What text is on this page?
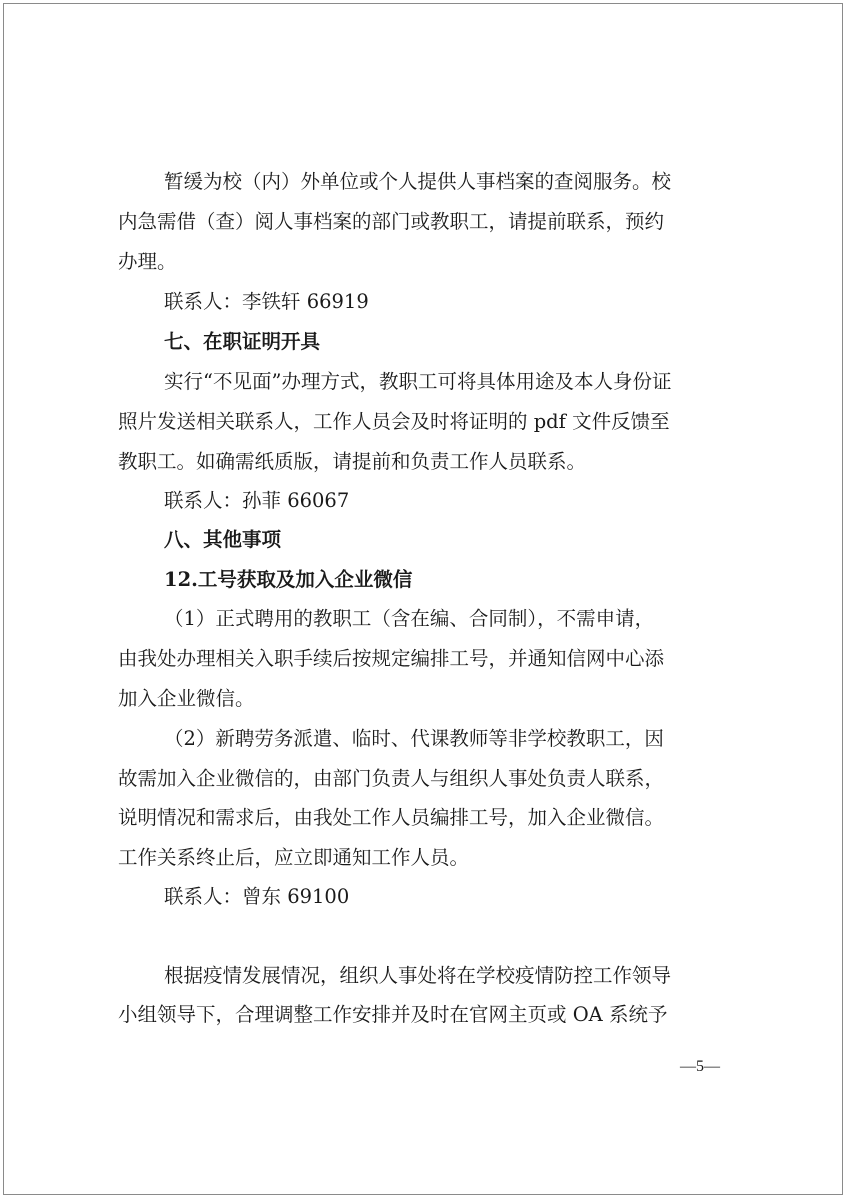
暂缓为校（内）外单位或个人提供人事档案的查阅服务。校
内急需借（查）阅人事档案的部门或教职工，请提前联系，预约
办理。
联系人：李铁轩 66919
七、在职证明开具
实行“不见面”办理方式，教职工可将具体用途及本人身份证
照片发送相关联系人，工作人员会及时将证明的 pdf 文件反馈至
教职工。如确需纸质版，请提前和负责工作人员联系。
联系人：孙菲 66067
八、其他事项
12.工号获取及加入企业微信
（1）正式聘用的教职工（含在编、合同制），不需申请，
由我处办理相关入职手续后按规定编排工号，并通知信网中心添
加入企业微信。
（2）新聘劳务派遣、临时、代课教师等非学校教职工，因
故需加入企业微信的，由部门负责人与组织人事处负责人联系，
说明情况和需求后，由我处工作人员编排工号，加入企业微信。
工作关系终止后，应立即通知工作人员。
联系人：曾东 69100
根据疫情发展情况，组织人事处将在学校疫情防控工作领导
小组领导下，合理调整工作安排并及时在官网主页或 OA 系统予
—5—
